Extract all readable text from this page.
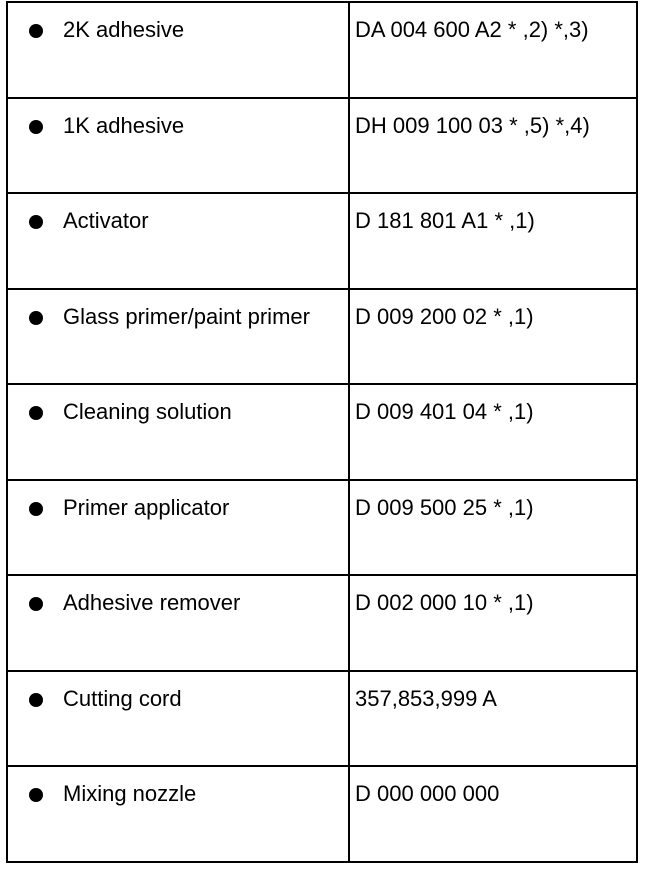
2K adhesive	DA 004 600 A2 * ,2) *,3)

1K adhesive	DH 009 100 03 * ,5) *,4)

Activator	D 181 801 A1 * ,1)

Glass primer/paint primer	D 009 200 02 * ,1)

Cleaning solution	D 009 401 04 * ,1)

Primer applicator	D 009 500 25 * ,1)

Adhesive remover	D 002 000 10 * ,1)

Cutting cord	357,853,999 A

Mixing nozzle	D 000 000 000
